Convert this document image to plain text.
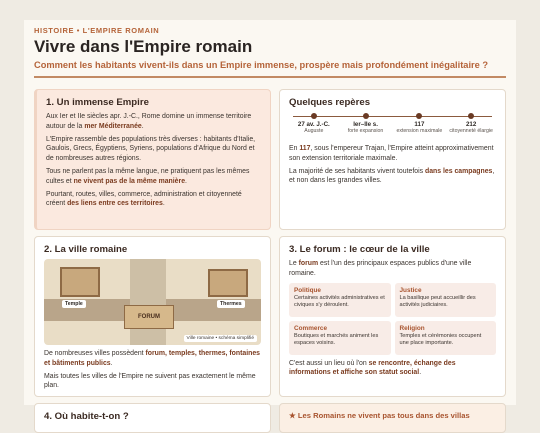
HISTOIRE • L'EMPIRE ROMAIN
Vivre dans l'Empire romain
Comment les habitants vivent-ils dans un Empire immense, prospère mais profondément inégalitaire ?
1. Un immense Empire

Aux Ier et IIe siècles apr. J.-C., Rome domine un immense territoire autour de la mer Méditerranée.

L'Empire rassemble des populations très diverses : habitants d'Italie, Gaulois, Grecs, Égyptiens, Syriens, populations d'Afrique du Nord et de nombreuses autres régions.

Tous ne parlent pas la même langue, ne pratiquent pas les mêmes cultes et ne vivent pas de la même manière.

Pourtant, routes, villes, commerce, administration et citoyenneté créent des liens entre ces territoires.

Quelques repères
27 av. J.-C.
Auguste
Ier–IIe s.
forte expansion
117
extension maximale
212
citoyenneté élargie

En 117, sous l'empereur Trajan, l'Empire atteint approximativement son extension territoriale maximale.

La majorité de ses habitants vivent toutefois dans les campagnes, et non dans les grandes villes.

2. La ville romaine
Temple	Thermes
FORUM
Ville romaine • schéma simplifié

De nombreuses villes possèdent forum, temples, thermes, fontaines et bâtiments publics.

Mais toutes les villes de l'Empire ne suivent pas exactement le même plan.

3. Le forum : le cœur de la ville

Le forum est l'un des principaux espaces publics d'une ville romaine.

Politique

Certaines activités administratives et civiques s'y déroulent.

Justice

La basilique peut accueillir des activités judiciaires.

Commerce

Boutiques et marchés animent les espaces voisins.

Religion

Temples et cérémonies occupent une place importante.

C'est aussi un lieu où l'on se rencontre, échange des informations et affiche son statut social.

4. Où habite-t-on ?	★ Les Romains ne vivent pas tous dans des villas
